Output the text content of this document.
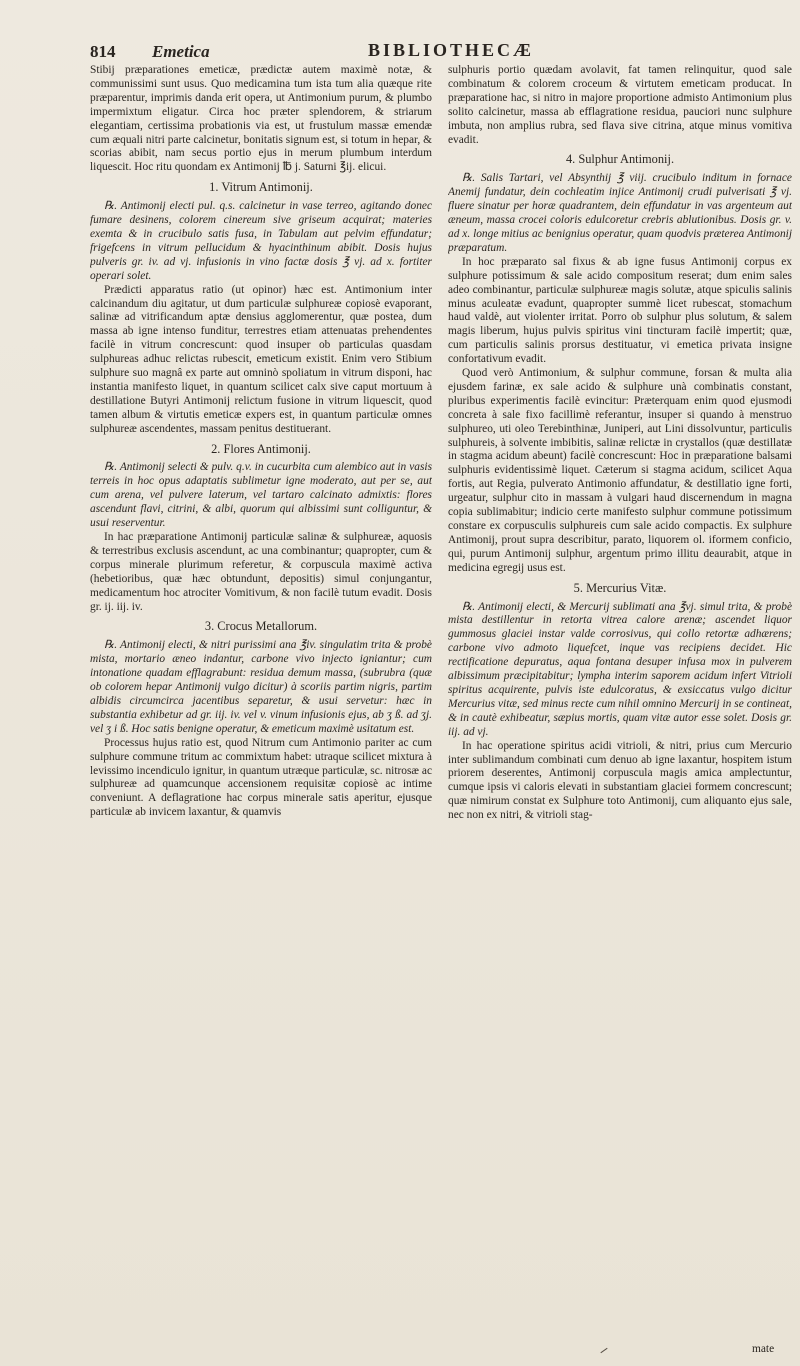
814 Emetica	BIBLIOTHECÆ

Stibij præparationes emeticæ, prædictæ autem maximè notæ, & communissimi sunt usus. Quo medicamina tum ista tum alia quæque rite præparentur, imprimis danda erit opera, ut Antimonium purum, & plumbo impermixtum eligatur. Circa hoc præter splendorem, & striarum elegantiam, certissima probationis via est, ut frustulum massæ emendæ cum æquali nitri parte calcinetur, bonitatis signum est, si totum in hepar, & scorias abibit, nam secus portio ejus in merum plumbum interdum liquescit. Hoc ritu quondam ex Antimonij ℔ j. Saturni ℥ij. elicui.

1. Vitrum Antimonij.

℞. Antimonij electi pul. q.s. calcinetur in vase terreo, agitando donec fumare desinens, colorem cinereum sive griseum acquirat; materies exemta & in crucibulo satis fusa, in Tabulam aut pelvim effundatur; frigefcens in vitrum pellucidum & hyacinthinum abibit. Dosis hujus pulveris gr. iv. ad vj. infusionis in vino factæ dosis ℥ vj. ad x. fortiter operari solet.

Prædicti apparatus ratio (ut opinor) hæc est. Antimonium inter calcinandum diu agitatur, ut dum particulæ sulphureæ copiosè evaporant, salinæ ad vitrificandum aptæ densius agglomerentur, quæ postea, dum massa ab igne intenso funditur, terrestres etiam attenuatas prehendentes facilè in vitrum concrescunt: quod insuper ob particulas quasdam sulphureas adhuc relictas rubescit, emeticum existit. Enim vero Stibium sulphure suo magnâ ex parte aut omninò spoliatum in vitrum disponi, hac instantia manifesto liquet, in quantum scilicet calx sive caput mortuum à destillatione Butyri Antimonij relictum fusione in vitrum liquescit, quod tamen album & virtutis emeticæ expers est, in quantum particulæ omnes sulphureæ ascendentes, massam penitus destituerant.

2. Flores Antimonij.

℞. Antimonij selecti & pulv. q.v. in cucurbita cum alembico aut in vasis terreis in hoc opus adaptatis sublimetur igne moderato, aut per se, aut cum arena, vel pulvere laterum, vel tartaro calcinato admixtis: flores ascendunt flavi, citrini, & albi, quorum qui albissimi sunt colliguntur, & usui reserventur.

In hac præparatione Antimonij particulæ salinæ & sulphureæ, aquosis & terrestribus exclusis ascendunt, ac una combinantur; quapropter, cum & corpus minerale plurimum referetur, & corpuscula maximè activa (hebetioribus, quæ hæc obtundunt, depositis) simul conjungantur, medicamentum hoc atrociter Vomitivum, & non facilè tutum evadit. Dosis gr. ij. iij. iv.

3. Crocus Metallorum.

℞. Antimonij electi, & nitri purissimi ana ℥iv. singulatim trita & probè mista, mortario æneo indantur, carbone vivo injecto igniantur; cum intonatione quadam efflagrabunt: residua demum massa, (subrubra (quæ ob colorem hepar Antimonij vulgo dicitur) à scoriis partim nigris, partim albidis circumcirca jacentibus separetur, & usui servetur: hæc in substantia exhibetur ad gr. iij. iv. vel v. vinum infusionis ejus, ab ʒ ß. ad ʒj. vel ʒ i ß. Hoc satis benigne operatur, & emeticum maximè usitatum est.

Processus hujus ratio est, quod Nitrum cum Antimonio pariter ac cum sulphure commune tritum ac commixtum habet: utraque scilicet mixtura à levissimo incendiculo ignitur, in quantum utræque particulæ, sc. nitrosæ ac sulphureæ ad quamcunque accensionem requisitæ copiosè ac intime conveniunt. A deflagratione hac corpus minerale satis aperitur, ejusque particulæ ab invicem laxantur, & quamvis

sulphuris portio quædam avolavit, fat tamen relinquitur, quod sale combinatum & colorem croceum & virtutem emeticam producat. In præparatione hac, si nitro in majore proportione admisto Antimonium plus solito calcinetur, massa ab efflagratione residua, pauciori nunc sulphure imbuta, non amplius rubra, sed flava sive citrina, atque minus vomitiva evadit.

4. Sulphur Antimonij.

℞. Salis Tartari, vel Absynthij ℥ viij. crucibulo inditum in fornace Anemij fundatur, dein cochleatim injice Antimonij crudi pulverisati ℥ vj. fluere sinatur per horæ quadrantem, dein effundatur in vas argenteum aut æneum, massa crocei coloris edulcoretur crebris ablutionibus. Dosis gr. v. ad x. longe mitius ac benignius operatur, quam quodvis præterea Antimonij præparatum.

In hoc præparato sal fixus & ab igne fusus Antimonij corpus ex sulphure potissimum & sale acido compositum reserat; dum enim sales adeo combinantur, particulæ sulphureæ magis solutæ, atque spiculis salinis minus aculeatæ evadunt, quapropter summè licet rubescat, stomachum haud valdè, aut violenter irritat. Porro ob sulphur plus solutum, & salem magis liberum, hujus pulvis spiritus vini tincturam facilè impertit; quæ, cum particulis salinis prorsus destituatur, vi emetica privata insigne confortativum evadit.

Quod verò Antimonium, & sulphur commune, forsan & multa alia ejusdem farinæ, ex sale acido & sulphure unà combinatis constant, pluribus experimentis facilè evincitur: Præterquam enim quod ejusmodi concreta à sale fixo facillimè referantur, insuper si quando à menstruo sulphureo, uti oleo Terebinthinæ, Juniperi, aut Lini dissolvuntur, particulis sulphureis, à solvente imbibitis, salinæ relictæ in crystallos (quæ destillatæ in stagma acidum abeunt) facilè concrescunt: Hoc in præparatione balsami sulphuris evidentissimè liquet. Cæterum si stagma acidum, scilicet Aqua fortis, aut Regia, pulverato Antimonio affundatur, & destillatio igne forti, urgeatur, sulphur cito in massam à vulgari haud discernendum in magna copia sublimabitur; indicio certe manifesto sulphur commune potissimum constare ex corpusculis sulphureis cum sale acido compactis. Ex sulphure Antimonij, prout supra describitur, parato, liquorem ol. iformem conficio, qui, purum Antimonij sulphur, argentum primo illitu deaurabit, atque in medicina egregij usus est.

5. Mercurius Vitæ.

℞. Antimonij electi, & Mercurij sublimati ana ℥vj. simul trita, & probè mista destillentur in retorta vitrea calore arenæ; ascendet liquor gummosus glaciei instar valde corrosivus, qui collo retortæ adhærens; carbone vivo admoto liquefcet, inque vas recipiens decidet. Hic rectificatione depuratus, aqua fontana desuper infusa mox in pulverem albissimum præcipitabitur; lympha interim saporem acidum infert Vitrioli spiritus acquirente, pulvis iste edulcoratus, & exsiccatus vulgo dicitur Mercurius vitæ, sed minus recte cum nihil omnino Mercurij in se contineat, & in cautè exhibeatur, sæpius mortis, quam vitæ autor esse solet. Dosis gr. iij. ad vj.

In hac operatione spiritus acidi vitrioli, & nitri, prius cum Mercurio inter sublimandum combinati cum denuo ab igne laxantur, hospitem istum priorem deserentes, Antimonij corpuscula magis amica amplectuntur, cumque ipsis vi caloris elevati in substantiam glaciei formem concrescunt; quæ nimirum constat ex Sulphure toto Antimonij, cum aliquanto ejus sale, nec non ex nitri, & vitrioli stag-

mate
